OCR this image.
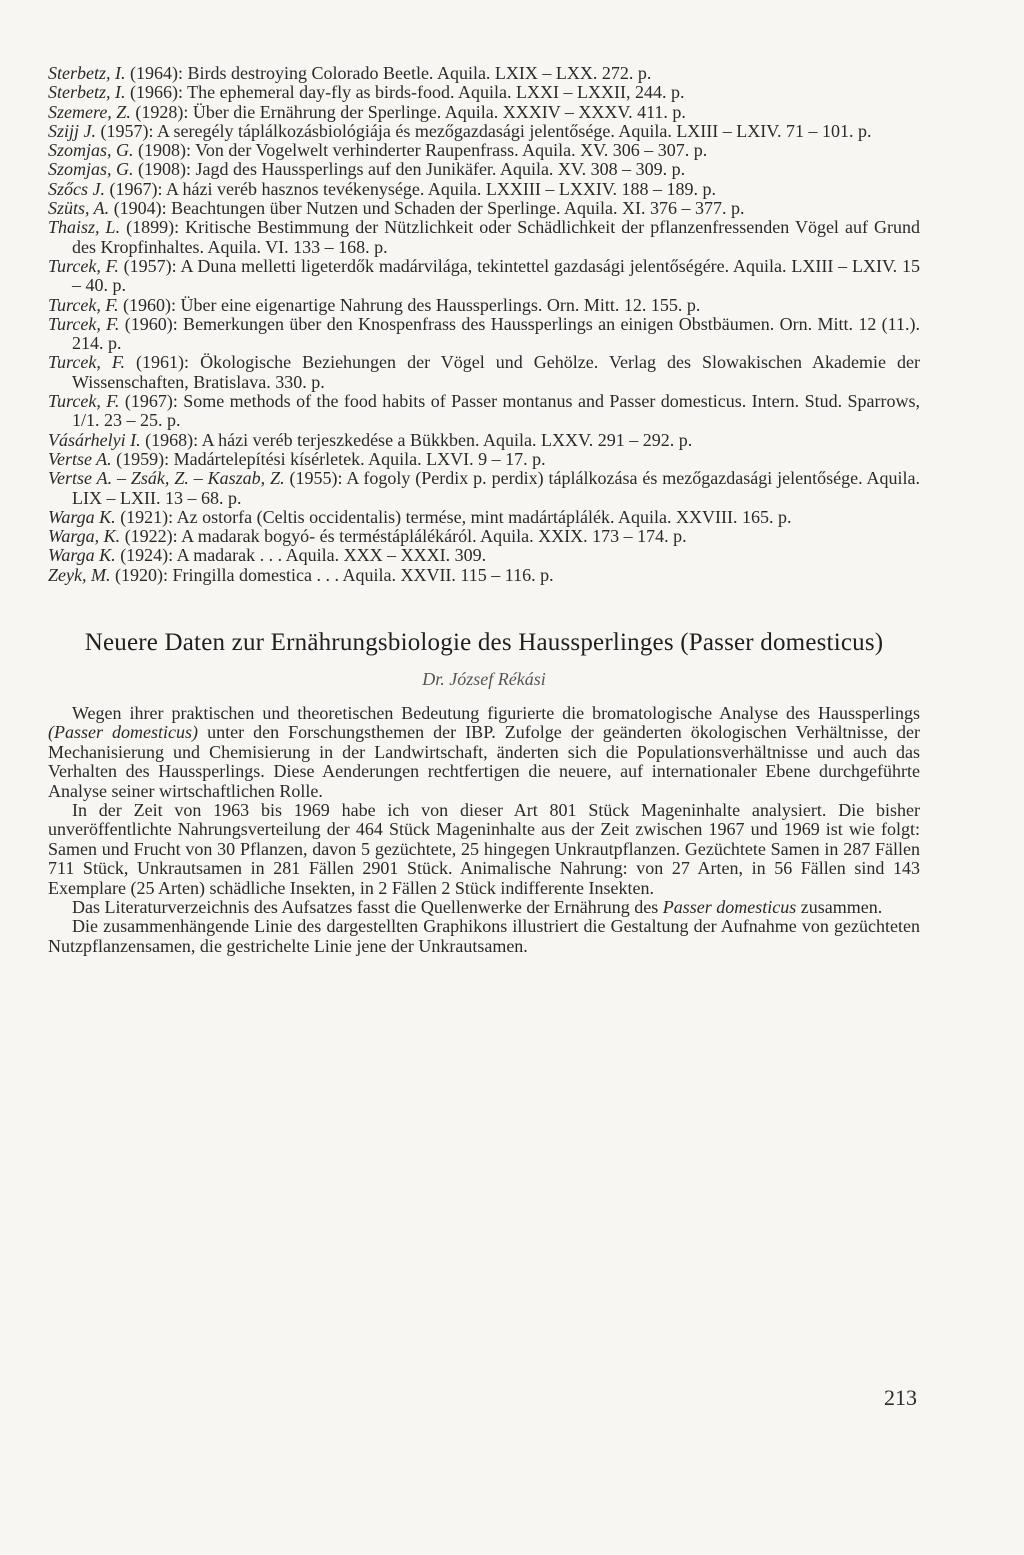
Sterbetz, I. (1964): Birds destroying Colorado Beetle. Aquila. LXIX – LXX. 272. p.
Sterbetz, I. (1966): The ephemeral day-fly as birds-food. Aquila. LXXI – LXXII, 244. p.
Szemere, Z. (1928): Über die Ernährung der Sperlinge. Aquila. XXXIV – XXXV. 411. p.
Szijj J. (1957): A seregély táplálkozásbiológiája és mezőgazdasági jelentősége. Aquila. LXIII – LXIV. 71 – 101. p.
Szomjas, G. (1908): Von der Vogelwelt verhinderter Raupenfrass. Aquila. XV. 306 – 307. p.
Szomjas, G. (1908): Jagd des Haussperlings auf den Junikäfer. Aquila. XV. 308 – 309. p.
Szőcs J. (1967): A házi veréb hasznos tevékenysége. Aquila. LXXIII – LXXIV. 188 – 189. p.
Szüts, A. (1904): Beachtungen über Nutzen und Schaden der Sperlinge. Aquila. XI. 376 – 377. p.
Thaisz, L. (1899): Kritische Bestimmung der Nützlichkeit oder Schädlichkeit der pflanzenfressenden Vögel auf Grund des Kropfinhaltes. Aquila. VI. 133 – 168. p.
Turcek, F. (1957): A Duna melletti ligeterdők madárvilága, tekintettel gazdasági jelentőségére. Aquila. LXIII – LXIV. 15 – 40. p.
Turcek, F. (1960): Über eine eigenartige Nahrung des Haussperlings. Orn. Mitt. 12. 155. p.
Turcek, F. (1960): Bemerkungen über den Knospenfrass des Haussperlings an einigen Obstbäumen. Orn. Mitt. 12 (11.). 214. p.
Turcek, F. (1961): Ökologische Beziehungen der Vögel und Gehölze. Verlag des Slowakischen Akademie der Wissenschaften, Bratislava. 330. p.
Turcek, F. (1967): Some methods of the food habits of Passer montanus and Passer domesticus. Intern. Stud. Sparrows, 1/1. 23 – 25. p.
Vásárhelyi I. (1968): A házi veréb terjeszkedése a Bükkben. Aquila. LXXV. 291 – 292. p.
Vertse A. (1959): Madártelepítési kísérletek. Aquila. LXVI. 9 – 17. p.
Vertse A. – Zsák, Z. – Kaszab, Z. (1955): A fogoly (Perdix p. perdix) táplálkozása és mezőgazdasági jelentősége. Aquila. LIX – LXII. 13 – 68. p.
Warga K. (1921): Az ostorfa (Celtis occidentalis) termése, mint madártáplálék. Aquila. XXVIII. 165. p.
Warga, K. (1922): A madarak bogyó- és terméstáplálékáról. Aquila. XXIX. 173 – 174. p.
Warga K. (1924): A madarak . . . Aquila. XXX – XXXI. 309.
Zeyk, M. (1920): Fringilla domestica . . . Aquila. XXVII. 115 – 116. p.
Neuere Daten zur Ernährungsbiologie des Haussperlinges (Passer domesticus)
Dr. József Rékási

Wegen ihrer praktischen und theoretischen Bedeutung figurierte die bromatologische Analyse des Haussperlings (Passer domesticus) unter den Forschungsthemen der IBP. Zufolge der geänderten ökologischen Verhältnisse, der Mechanisierung und Chemisierung in der Landwirtschaft, änderten sich die Populationsverhältnisse und auch das Verhalten des Haussperlings. Diese Aenderungen rechtfertigen die neuere, auf internationaler Ebene durchgeführte Analyse seiner wirtschaftlichen Rolle.

In der Zeit von 1963 bis 1969 habe ich von dieser Art 801 Stück Mageninhalte analysiert. Die bisher unveröffentlichte Nahrungsverteilung der 464 Stück Mageninhalte aus der Zeit zwischen 1967 und 1969 ist wie folgt: Samen und Frucht von 30 Pflanzen, davon 5 gezüchtete, 25 hingegen Unkrautpflanzen. Gezüchtete Samen in 287 Fällen 711 Stück, Unkrautsamen in 281 Fällen 2901 Stück. Animalische Nahrung: von 27 Arten, in 56 Fällen sind 143 Exemplare (25 Arten) schädliche Insekten, in 2 Fällen 2 Stück indifferente Insekten.

Das Literaturverzeichnis des Aufsatzes fasst die Quellenwerke der Ernährung des Passer domesticus zusammen.

Die zusammenhängende Linie des dargestellten Graphikons illustriert die Gestaltung der Aufnahme von gezüchteten Nutzpflanzensamen, die gestrichelte Linie jene der Unkrautsamen.

213
